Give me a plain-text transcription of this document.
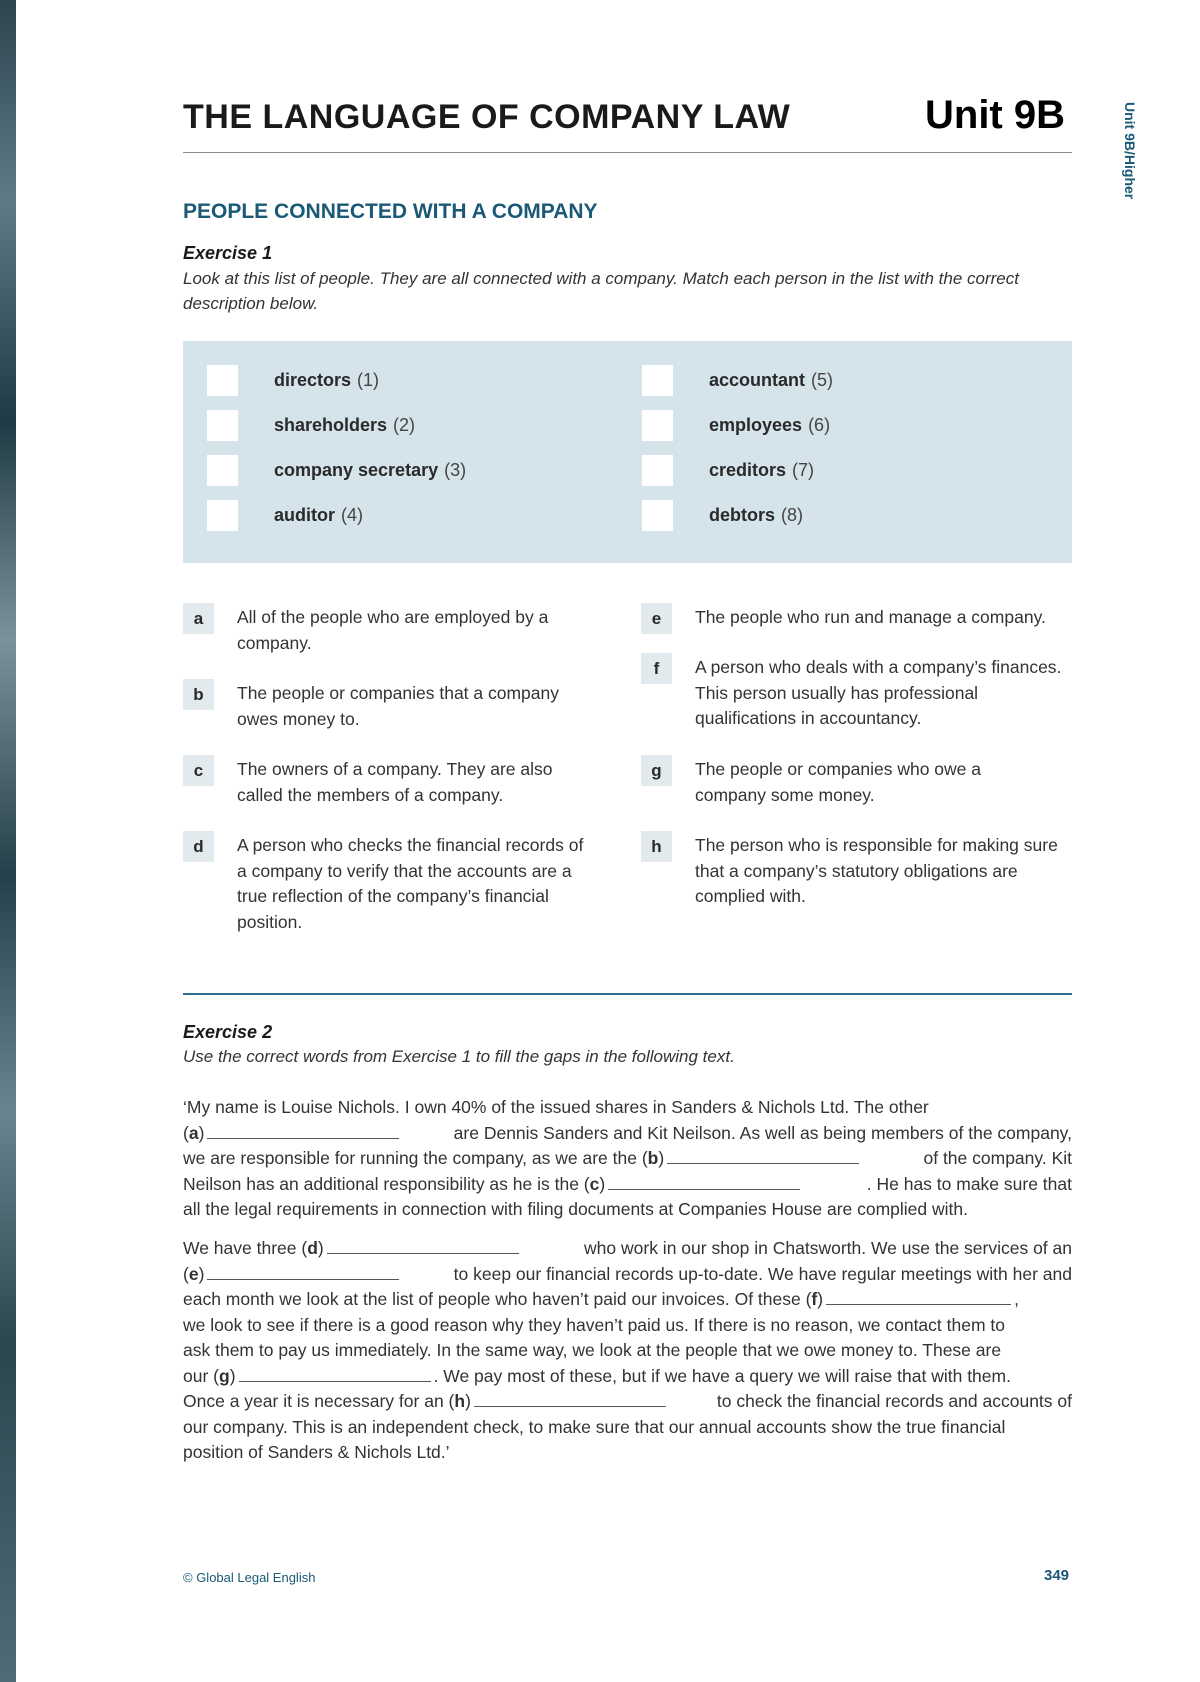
Unit 9B/Higher
THE LANGUAGE OF COMPANY LAW	Unit 9B
PEOPLE CONNECTED WITH A COMPANY
Exercise 1
Look at this list of people. They are all connected with a company. Match each person in the list with the correct description below.
directors (1)
shareholders (2)
company secretary (3)
auditor (4)
accountant (5)
employees (6)
creditors (7)
debtors (8)
a	All of the people who are employed by a company.
b	The people or companies that a company owes money to.
c	The owners of a company. They are also called the members of a company.
d	A person who checks the financial records of a company to verify that the accounts are a true reflection of the company’s financial position.
e	The people who run and manage a company.
f	A person who deals with a company’s finances. This person usually has professional qualifications in accountancy.
g	The people or companies who owe a company some money.
h	The person who is responsible for making sure that a company’s statutory obligations are complied with.
Exercise 2
Use the correct words from Exercise 1 to fill the gaps in the following text.
‘My name is Louise Nichols. I own 40% of the issued shares in Sanders & Nichols Ltd. The other
(a)	are Dennis Sanders and Kit Neilson. As well as being members of the company,
we are responsible for running the company, as we are the (b)	of the company. Kit
Neilson has an additional responsibility as he is the (c)	. He has to make sure that
all the legal requirements in connection with filing documents at Companies House are complied with.
We have three (d)	who work in our shop in Chatsworth. We use the services of an
(e)	to keep our financial records up-to-date. We have regular meetings with her and
each month we look at the list of people who haven’t paid our invoices. Of these (f)	,
we look to see if there is a good reason why they haven’t paid us. If there is no reason, we contact them to
ask them to pay us immediately. In the same way, we look at the people that we owe money to. These are
our (g)	. We pay most of these, but if we have a query we will raise that with them.
Once a year it is necessary for an (h)	to check the financial records and accounts of
our company. This is an independent check, to make sure that our annual accounts show the true financial
position of Sanders & Nichols Ltd.’
© Global Legal English	349
